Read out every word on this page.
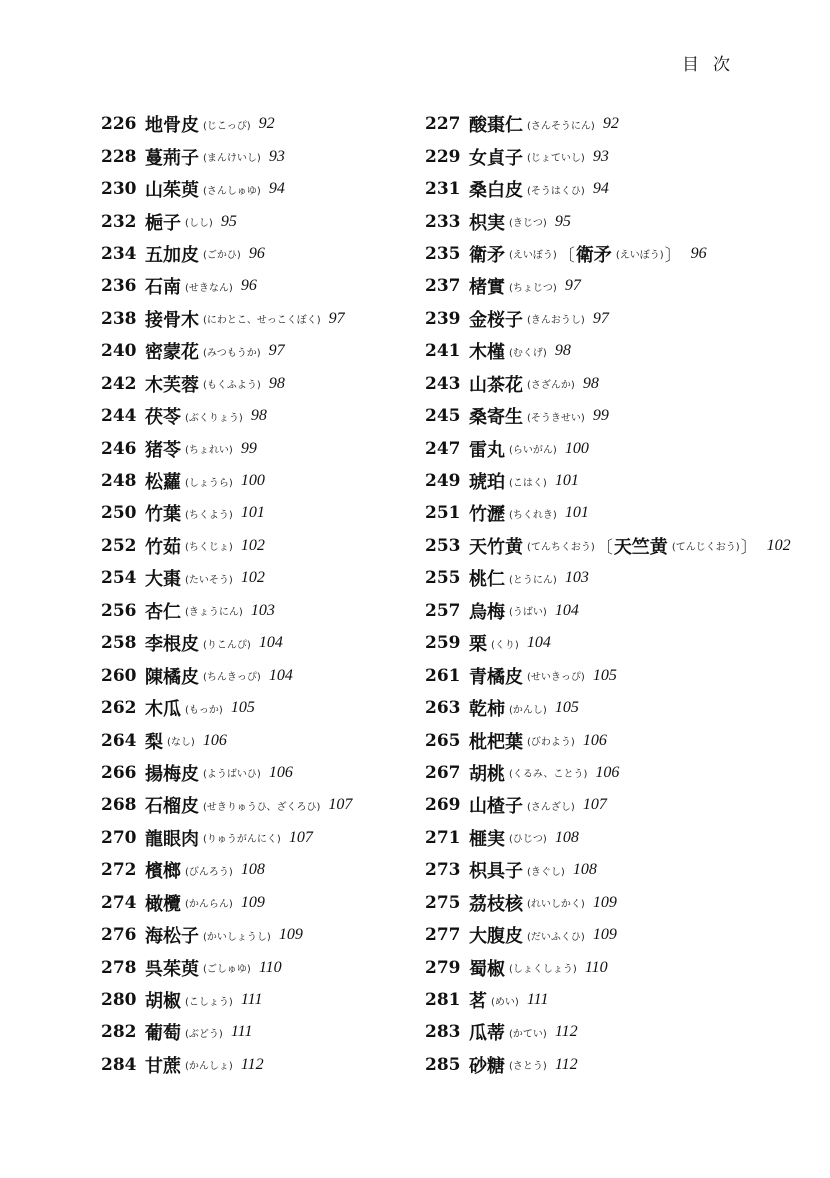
目次
226 地骨皮 (じこっぴ) 92
228 蔓荊子 (まんけいし) 93
230 山茱萸 (さんしゅゆ) 94
232 梔子 (しし) 95
234 五加皮 (ごかひ) 96
236 石南 (せきなん) 96
238 接骨木 (にわとこ、せっこくぼく) 97
240 密蒙花 (みつもうか) 97
242 木芙蓉 (もくふよう) 98
244 茯苓 (ぶくりょう) 98
246 猪苓 (ちょれい) 99
248 松蘿 (しょうら) 100
250 竹葉 (ちくよう) 101
252 竹茹 (ちくじょ) 102
254 大棗 (たいそう) 102
256 杏仁 (きょうにん) 103
258 李根皮 (りこんぴ) 104
260 陳橘皮 (ちんきっぴ) 104
262 木瓜 (もっか) 105
264 梨 (なし) 106
266 揚梅皮 (ようばいひ) 106
268 石榴皮 (せきりゅうひ、ざくろひ) 107
270 龍眼肉 (りゅうがんにく) 107
272 檳榔 (びんろう) 108
274 橄欖 (かんらん) 109
276 海松子 (かいしょうし) 109
278 呉茱萸 (ごしゅゆ) 110
280 胡椒 (こしょう) 111
282 葡萄 (ぶどう) 111
284 甘蔗 (かんしょ) 112
227 酸棗仁 (さんそうにん) 92
229 女貞子 (じょていし) 93
231 桑白皮 (そうはくひ) 94
233 枳実 (きじつ) 95
235 衛矛 (えいぼう) 〔 衛矛 (えいぼう) 〕 96
237 楮實 (ちょじつ) 97
239 金桜子 (きんおうし) 97
241 木槿 (むくげ) 98
243 山茶花 (さざんか) 98
245 桑寄生 (そうきせい) 99
247 雷丸 (らいがん) 100
249 琥珀 (こはく) 101
251 竹瀝 (ちくれき) 101
253 天竹黄 (てんちくおう) 〔 天竺黄 (てんじくおう) 〕 102
255 桃仁 (とうにん) 103
257 烏梅 (うばい) 104
259 栗 (くり) 104
261 青橘皮 (せいきっぴ) 105
263 乾柿 (かんし) 105
265 枇杷葉 (びわよう) 106
267 胡桃 (くるみ、ことう) 106
269 山楂子 (さんざし) 107
271 榧実 (ひじつ) 108
273 枳具子 (きぐし) 108
275 茘枝核 (れいしかく) 109
277 大腹皮 (だいふくひ) 109
279 蜀椒 (しょくしょう) 110
281 茗 (めい) 111
283 瓜蒂 (かてい) 112
285 砂糖 (さとう) 112
